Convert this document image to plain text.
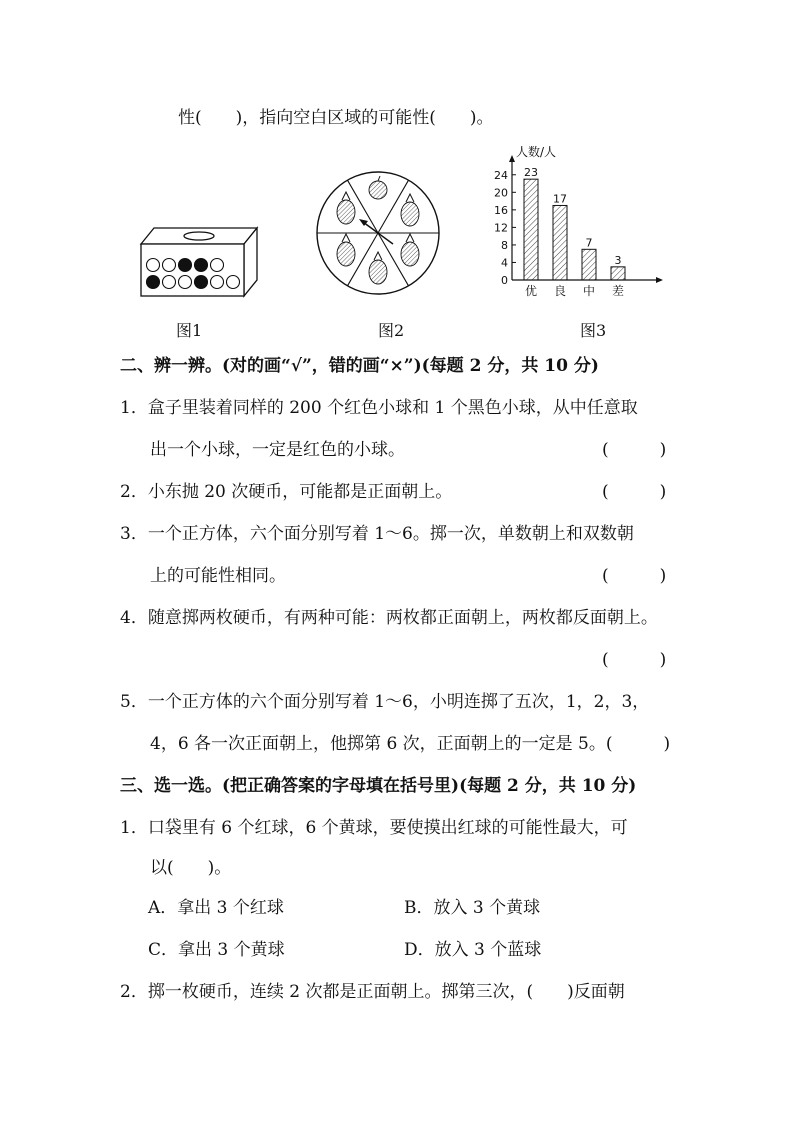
性(　　)，指向空白区域的可能性(　　)。
图1	图2
0
4
8
12
16
20
24 23
优
17
良
7
中
3
差
人数/人
图3
二、辨一辨。(对的画“√”，错的画“×”)(每题 2 分，共 10 分)
1．盒子里装着同样的 200 个红色小球和 1 个黑色小球，从中任意取
出一个小球，一定是红色的小球。	(　　　)
2．小东抛 20 次硬币，可能都是正面朝上。	(　　　)
3．一个正方体，六个面分别写着 1～6。掷一次，单数朝上和双数朝
上的可能性相同。	(　　　)
4．随意掷两枚硬币，有两种可能：两枚都正面朝上，两枚都反面朝上。
(　　　)
5．一个正方体的六个面分别写着 1～6，小明连掷了五次，1，2，3，
4，6 各一次正面朝上，他掷第 6 次，正面朝上的一定是 5。(　　　)
三、选一选。(把正确答案的字母填在括号里)(每题 2 分，共 10 分)
1．口袋里有 6 个红球，6 个黄球，要使摸出红球的可能性最大，可
以(　　)。
A．拿出 3 个红球	B．放入 3 个黄球
C．拿出 3 个黄球	D．放入 3 个蓝球
2．掷一枚硬币，连续 2 次都是正面朝上。掷第三次，(　　)反面朝
